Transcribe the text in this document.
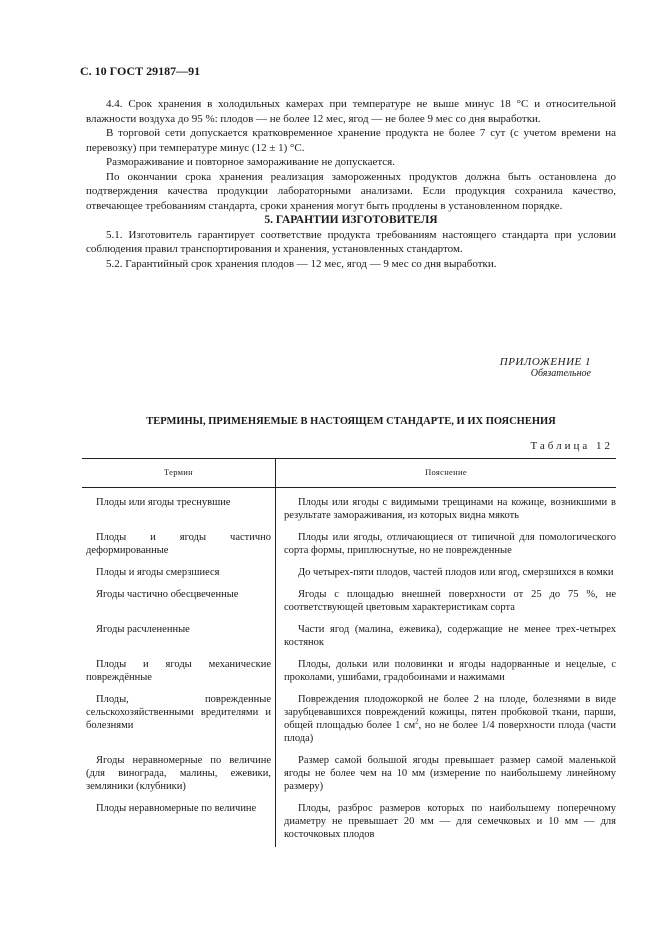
С. 10 ГОСТ 29187—91

4.4. Срок хранения в холодильных камерах при температуре не выше минус 18 °С и относительной влажности воздуха до 95 %: плодов — не более 12 мес, ягод — не более 9 мес со дня выработки.

В торговой сети допускается кратковременное хранение продукта не более 7 сут (с учетом времени на перевозку) при температуре минус (12 ± 1) °С.

Размораживание и повторное замораживание не допускается.

По окончании срока хранения реализация замороженных продуктов должна быть остановлена до подтверждения качества продукции лабораторными анализами. Если продукция сохранила качество, отвечающее требованиям стандарта, сроки хранения могут быть продлены в установленном порядке.

5. ГАРАНТИИ ИЗГОТОВИТЕЛЯ

5.1. Изготовитель гарантирует соответствие продукта требованиям настоящего стандарта при условии соблюдения правил транспортирования и хранения, установленных стандартом.

5.2. Гарантийный срок хранения плодов — 12 мес, ягод — 9 мес со дня выработки.

ПРИЛОЖЕНИЕ 1
Обязательное
ТЕРМИНЫ, ПРИМЕНЯЕМЫЕ В НАСТОЯЩЕМ СТАНДАРТЕ, И ИХ ПОЯСНЕНИЯ
Таблица 12
Термин	Пояснение
Плоды или ягоды треснувшие	Плоды или ягоды с видимыми трещинами на кожице, возникшими в результате замораживания, из которых видна мякоть
Плоды и ягоды частично деформированные	Плоды или ягоды, отличающиеся от типичной для помологического сорта формы, приплюснутые, но не поврежденные
Плоды и ягоды смерзшиеся	До четырех-пяти плодов, частей плодов или ягод, смерзшихся в комки
Ягоды частично обесцвеченные	Ягоды с площадью внешней поверхности от 25 до 75 %, не соответствующей цветовым характеристикам сорта
Ягоды расчлененные	Части ягод (малина, ежевика), содержащие не менее трех-четырех костянок
Плоды и ягоды механические повреждённые	Плоды, дольки или половинки и ягоды надорванные и нецелые, с проколами, ушибами, градобоинами и нажимами
Плоды, поврежденные сельскохозяйственными вредителями и болезнями	Повреждения плодожоркой не более 2 на плоде, болезнями в виде зарубцевавшихся повреждений кожицы, пятен пробковой ткани, парши, общей площадью более 1 $см^2$, но не более 1/4 поверхности плода (части плода)
Ягоды неравномерные по величине (для винограда, малины, ежевики, земляники (клубники)	Размер самой большой ягоды превышает размер самой маленькой ягоды не более чем на 10 мм (измерение по наибольшему линейному размеру)
Плоды неравномерные по величине	Плоды, разброс размеров которых по наибольшему поперечному диаметру не превышает 20 мм — для семечковых и 10 мм — для косточковых плодов
